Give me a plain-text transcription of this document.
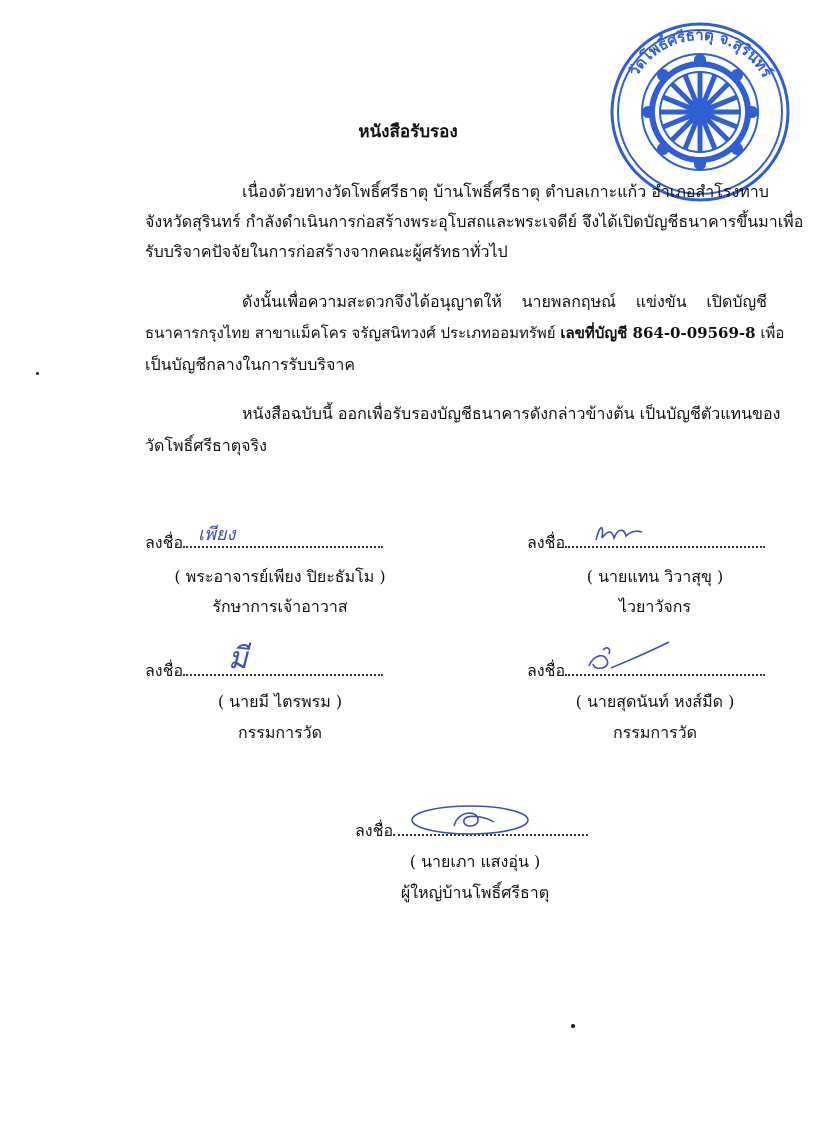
วัดโพธิ์ศรีธาตุ จ.สุรินทร์
หนังสือรับรอง
เนื่องด้วยทางวัดโพธิ์ศรีธาตุ บ้านโพธิ์ศรีธาตุ ตำบลเกาะแก้ว อำเภอสำโรงทาบ
จังหวัดสุรินทร์ กำลังดำเนินการก่อสร้างพระอุโบสถและพระเจดีย์ จึงได้เปิดบัญชีธนาคารขึ้นมาเพื่อ
รับบริจาคปัจจัยในการก่อสร้างจากคณะผู้ศรัทธาทั่วไป
ดังนั้นเพื่อความสะดวกจึงได้อนุญาตให้ นายพลกฤษณ์ แข่งขัน เปิดบัญชี
ธนาคารกรุงไทย สาขาแม็คโคร จรัญสนิทวงศ์ ประเภทออมทรัพย์ เลขที่บัญชี 864-0-09569-8 เพื่อ
เป็นบัญชีกลางในการรับบริจาค
หนังสือฉบับนี้ ออกเพื่อรับรองบัญชีธนาคารดังกล่าวข้างต้น เป็นบัญชีตัวแทนของ
วัดโพธิ์ศรีธาตุจริง
ลงชื่อ เพียง
( พระอาจารย์เพียง ปิยะธัมโม )
รักษาการเจ้าอาวาส
ลงชื่อ
( นายแทน วิวาสุขุ )
ไวยาวัจกร
ลงชื่อ	มี
( นายมี ไตรพรม )
กรรมการวัด
ลงชื่อ
( นายสุดนันท์ หงส์มืด )
กรรมการวัด
ลงชื่อ
( นายเภา แสงอุ่น )
ผู้ใหญ่บ้านโพธิ์ศรีธาตุ
